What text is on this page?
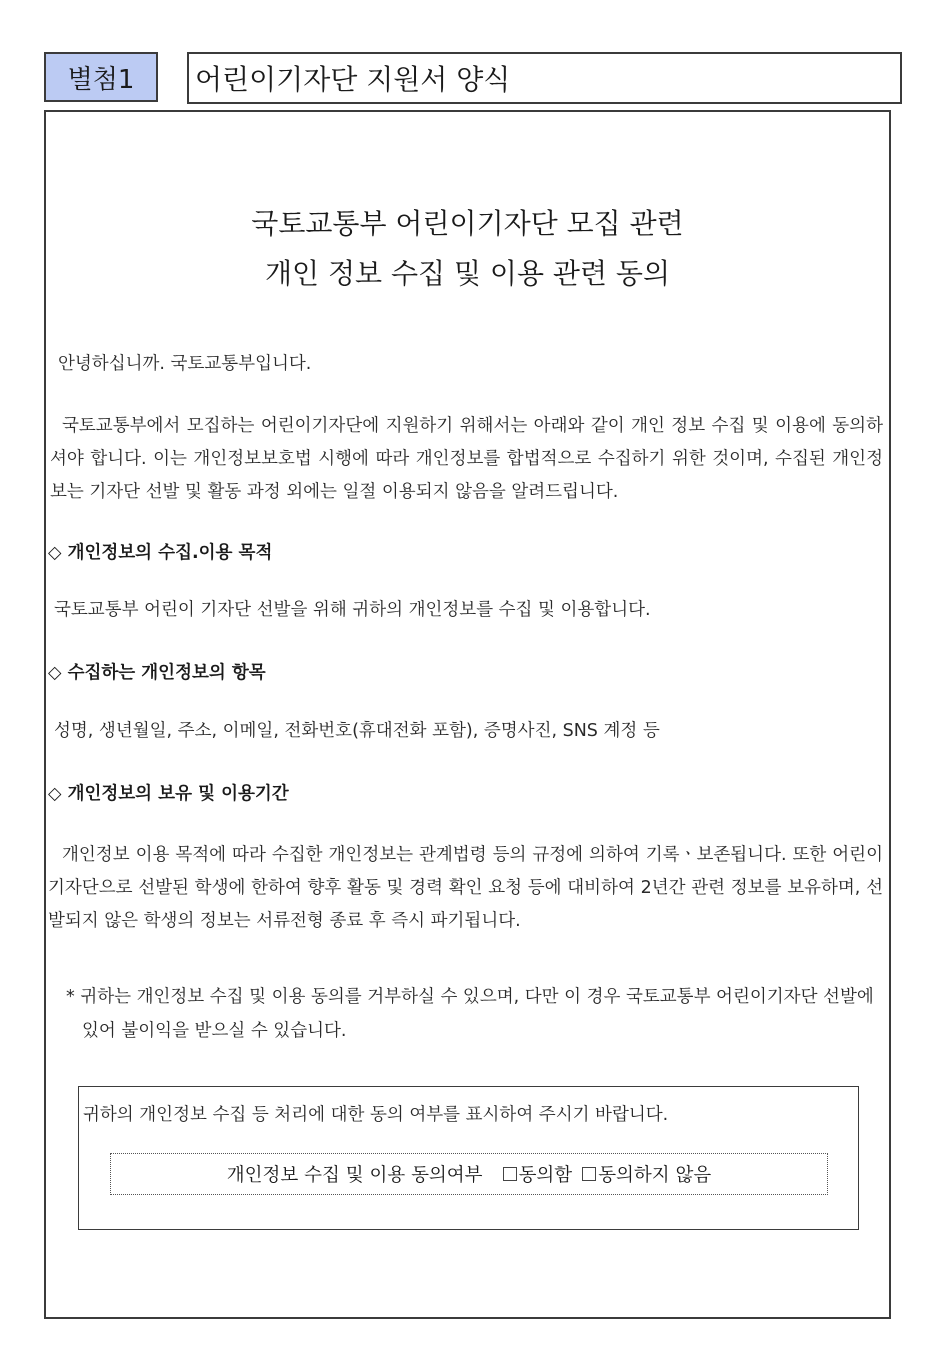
별첨1	어린이기자단 지원서 양식
국토교통부 어린이기자단 모집 관련
개인 정보 수집 및 이용 관련 동의
안녕하십니까. 국토교통부입니다.
국토교통부에서 모집하는 어린이기자단에 지원하기 위해서는 아래와 같이 개인 정보 수집 및 이용에 동의하셔야 합니다. 이는 개인정보보호법 시행에 따라 개인정보를 합법적으로 수집하기 위한 것이며, 수집된 개인정보는 기자단 선발 및 활동 과정 외에는 일절 이용되지 않음을 알려드립니다.
◇ 개인정보의 수집.이용 목적
국토교통부 어린이 기자단 선발을 위해 귀하의 개인정보를 수집 및 이용합니다.
◇ 수집하는 개인정보의 항목
성명, 생년월일, 주소, 이메일, 전화번호(휴대전화 포함), 증명사진, SNS 계정 등
◇ 개인정보의 보유 및 이용기간
개인정보 이용 목적에 따라 수집한 개인정보는 관계법령 등의 규정에 의하여 기록ㆍ보존됩니다. 또한 어린이기자단으로 선발된 학생에 한하여 향후 활동 및 경력 확인 요청 등에 대비하여 2년간 관련 정보를 보유하며, 선발되지 않은 학생의 정보는 서류전형 종료 후 즉시 파기됩니다.
* 귀하는 개인정보 수집 및 이용 동의를 거부하실 수 있으며, 다만 이 경우 국토교통부 어린이기자단 선발에 있어 불이익을 받으실 수 있습니다.
귀하의 개인정보 수집 등 처리에 대한 동의 여부를 표시하여 주시기 바랍니다.
개인정보 수집 및 이용 동의여부 동의함 동의하지 않음
